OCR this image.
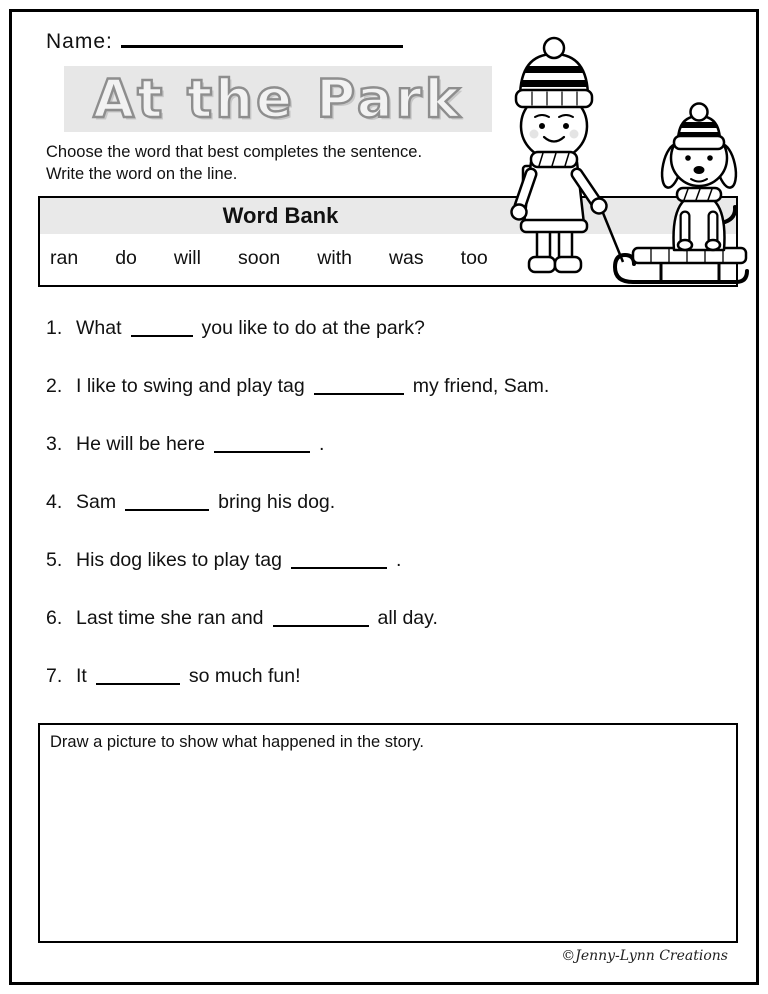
Name:
At the Park
Choose the word that best completes the sentence.
Write the word on the line.
Word Bank
ran do will soon with was too
1. What	you like to do at the park?
2. I like to swing and play tag	my friend, Sam.
3. He will be here	.
4. Sam	bring his dog.
5. His dog likes to play tag	.
6. Last time she ran and	all day.
7. It	so much fun!
Draw a picture to show what happened in the story.
©Jenny-Lynn Creations
